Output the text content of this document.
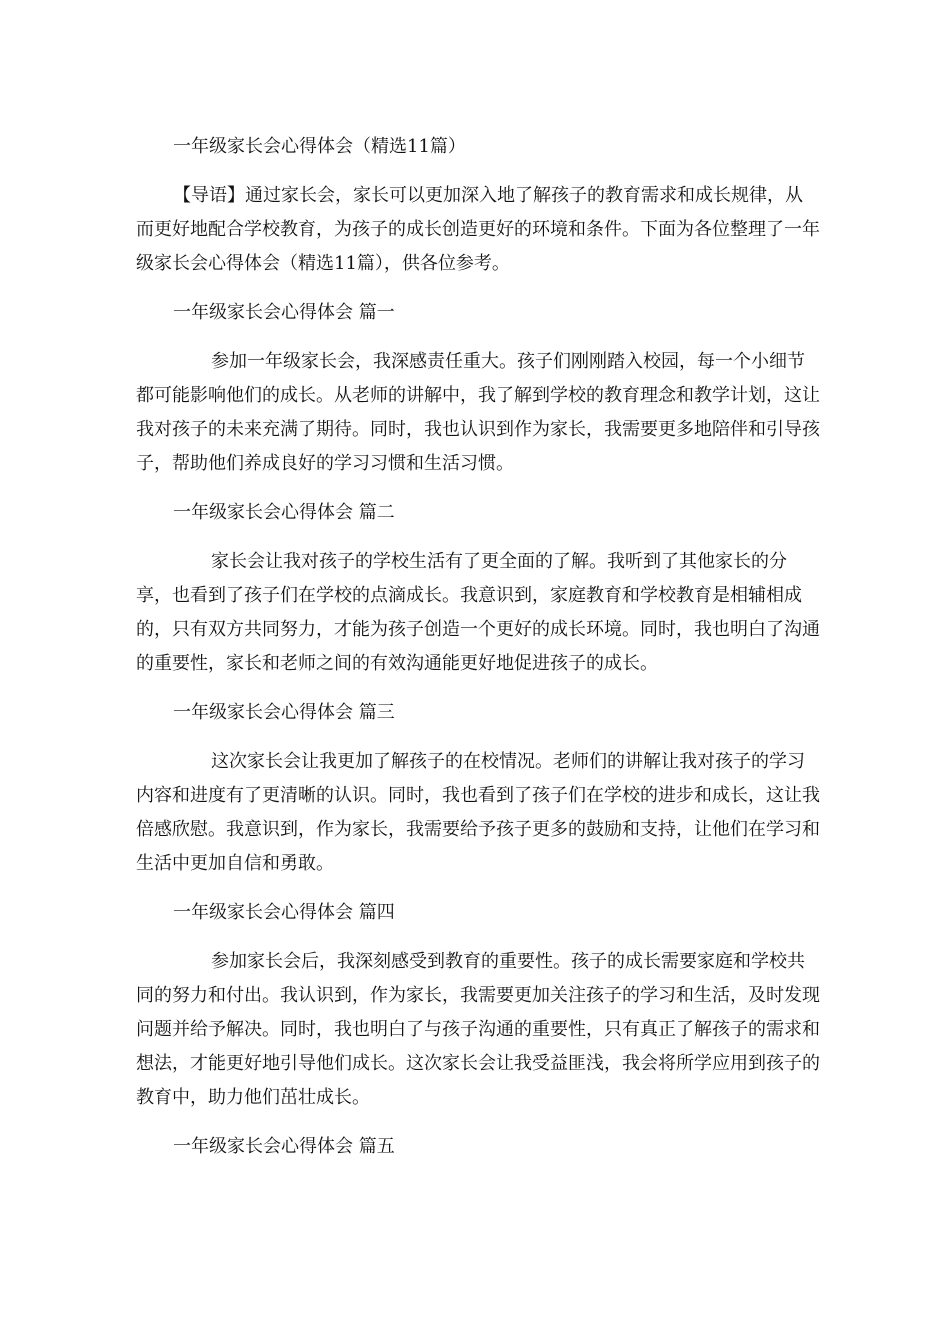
一年级家长会心得体会（精选11篇）

【导语】通过家长会，家长可以更加深入地了解孩子的教育需求和成长规律，从而更好地配合学校教育，为孩子的成长创造更好的环境和条件。下面为各位整理了一年级家长会心得体会（精选11篇），供各位参考。

一年级家长会心得体会 篇一

参加一年级家长会，我深感责任重大。孩子们刚刚踏入校园，每一个小细节都可能影响他们的成长。从老师的讲解中，我了解到学校的教育理念和教学计划，这让我对孩子的未来充满了期待。同时，我也认识到作为家长，我需要更多地陪伴和引导孩子，帮助他们养成良好的学习习惯和生活习惯。

一年级家长会心得体会 篇二

家长会让我对孩子的学校生活有了更全面的了解。我听到了其他家长的分享，也看到了孩子们在学校的点滴成长。我意识到，家庭教育和学校教育是相辅相成的，只有双方共同努力，才能为孩子创造一个更好的成长环境。同时，我也明白了沟通的重要性，家长和老师之间的有效沟通能更好地促进孩子的成长。

一年级家长会心得体会 篇三

这次家长会让我更加了解孩子的在校情况。老师们的讲解让我对孩子的学习内容和进度有了更清晰的认识。同时，我也看到了孩子们在学校的进步和成长，这让我倍感欣慰。我意识到，作为家长，我需要给予孩子更多的鼓励和支持，让他们在学习和生活中更加自信和勇敢。

一年级家长会心得体会 篇四

参加家长会后，我深刻感受到教育的重要性。孩子的成长需要家庭和学校共同的努力和付出。我认识到，作为家长，我需要更加关注孩子的学习和生活，及时发现问题并给予解决。同时，我也明白了与孩子沟通的重要性，只有真正了解孩子的需求和想法，才能更好地引导他们成长。这次家长会让我受益匪浅，我会将所学应用到孩子的教育中，助力他们茁壮成长。

一年级家长会心得体会 篇五
